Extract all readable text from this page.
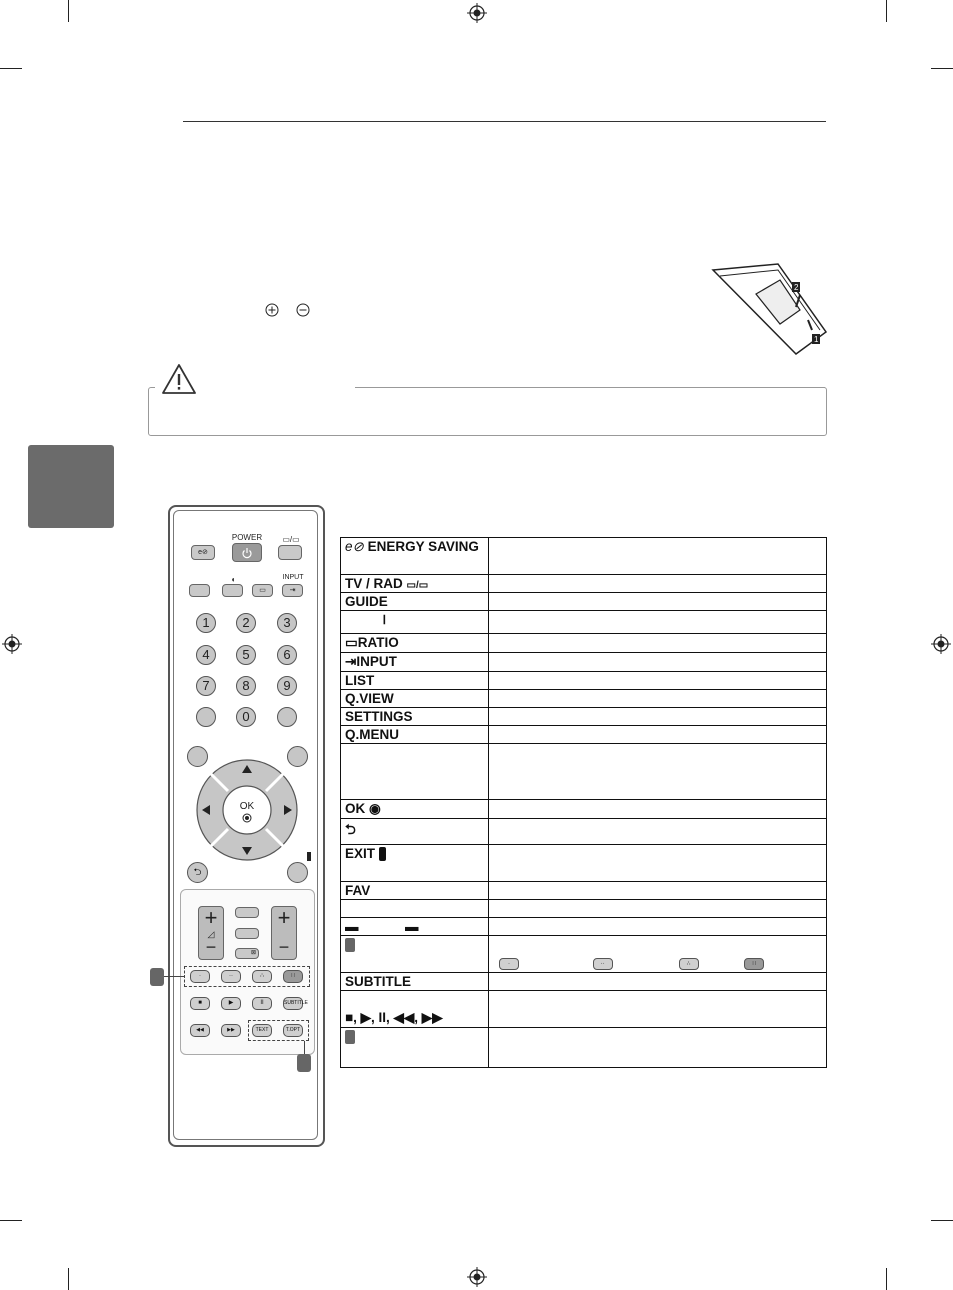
2
1
POWER
e⊘
▭/▭
◖
▭
INPUT
⇥
1	2	3
4	5	6
7	8	9
0
OK
⮌
+
◿
−
+
−
⊠
·	··	∴	∷
■	▶	II	SUBTITLE
◀◀	▶▶	TEXT	T.OPT
e⊘ ENERGY SAVING	
TV / RAD ▭/▭	
GUIDE	
⏽	
▭RATIO	
⇥INPUT	
LIST	
Q.VIEW	
SETTINGS	
Q.MENU	

OK ◉	
⮌	
EXIT	
FAV	

▬ ▬	
	· ·· ∴ ∷
SUBTITLE	
■, ▶, II, ◀◀, ▶▶	
